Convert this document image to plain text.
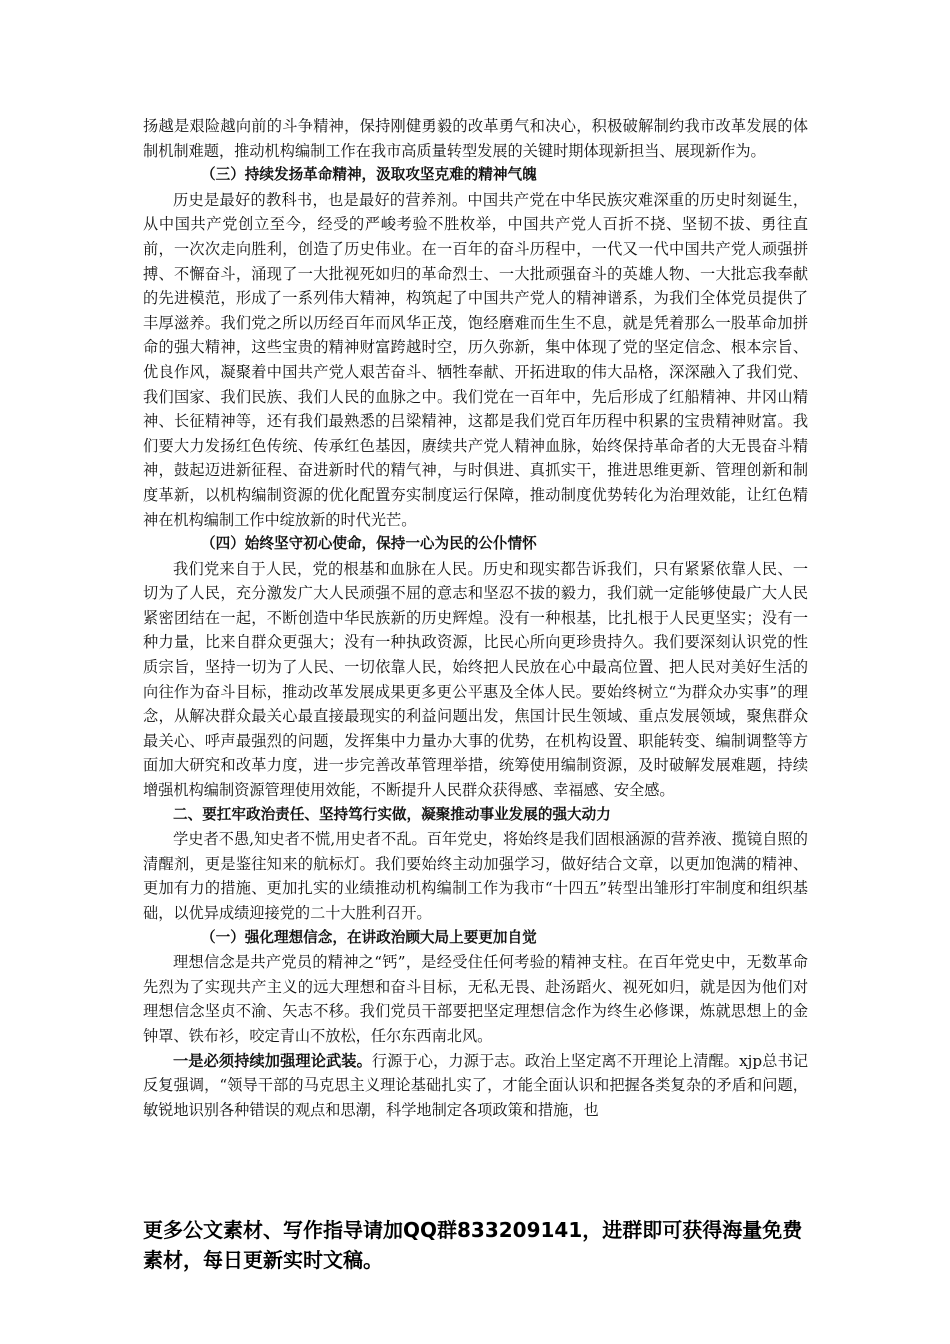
扬越是艰险越向前的斗争精神，保持刚健勇毅的改革勇气和决心，积极破解制约我市改革发展的体制机制难题，推动机构编制工作在我市高质量转型发展的关键时期体现新担当、展现新作为。

（三）持续发扬革命精神，汲取攻坚克难的精神气魄

历史是最好的教科书，也是最好的营养剂。中国共产党在中华民族灾难深重的历史时刻诞生，从中国共产党创立至今，经受的严峻考验不胜枚举，中国共产党人百折不挠、坚韧不拔、勇往直前，一次次走向胜利，创造了历史伟业。在一百年的奋斗历程中，一代又一代中国共产党人顽强拼搏、不懈奋斗，涌现了一大批视死如归的革命烈士、一大批顽强奋斗的英雄人物、一大批忘我奉献的先进模范，形成了一系列伟大精神，构筑起了中国共产党人的精神谱系，为我们全体党员提供了丰厚滋养。我们党之所以历经百年而风华正茂，饱经磨难而生生不息，就是凭着那么一股革命加拼命的强大精神，这些宝贵的精神财富跨越时空，历久弥新，集中体现了党的坚定信念、根本宗旨、优良作风，凝聚着中国共产党人艰苦奋斗、牺牲奉献、开拓进取的伟大品格，深深融入了我们党、我们国家、我们民族、我们人民的血脉之中。我们党在一百年中，先后形成了红船精神、井冈山精神、长征精神等，还有我们最熟悉的吕梁精神，这都是我们党百年历程中积累的宝贵精神财富。我们要大力发扬红色传统、传承红色基因，赓续共产党人精神血脉，始终保持革命者的大无畏奋斗精神，鼓起迈进新征程、奋进新时代的精气神，与时俱进、真抓实干，推进思维更新、管理创新和制度革新，以机构编制资源的优化配置夯实制度运行保障，推动制度优势转化为治理效能，让红色精神在机构编制工作中绽放新的时代光芒。

（四）始终坚守初心使命，保持一心为民的公仆情怀

我们党来自于人民，党的根基和血脉在人民。历史和现实都告诉我们，只有紧紧依靠人民、一切为了人民，充分激发广大人民顽强不屈的意志和坚忍不拔的毅力，我们就一定能够使最广大人民紧密团结在一起，不断创造中华民族新的历史辉煌。没有一种根基，比扎根于人民更坚实；没有一种力量，比来自群众更强大；没有一种执政资源，比民心所向更珍贵持久。我们要深刻认识党的性质宗旨，坚持一切为了人民、一切依靠人民，始终把人民放在心中最高位置、把人民对美好生活的向往作为奋斗目标，推动改革发展成果更多更公平惠及全体人民。要始终树立“为群众办实事”的理念，从解决群众最关心最直接最现实的利益问题出发，焦国计民生领域、重点发展领域，聚焦群众最关心、呼声最强烈的问题，发挥集中力量办大事的优势，在机构设置、职能转变、编制调整等方面加大研究和改革力度，进一步完善改革管理举措，统筹使用编制资源，及时破解发展难题，持续增强机构编制资源管理使用效能，不断提升人民群众获得感、幸福感、安全感。

二、要扛牢政治责任、坚持笃行实做，凝聚推动事业发展的强大动力

学史者不愚,知史者不慌,用史者不乱。百年党史，将始终是我们固根涵源的营养液、揽镜自照的清醒剂，更是鉴往知来的航标灯。我们要始终主动加强学习，做好结合文章，以更加饱满的精神、更加有力的措施、更加扎实的业绩推动机构编制工作为我市“十四五”转型出雏形打牢制度和组织基础，以优异成绩迎接党的二十大胜利召开。

（一）强化理想信念，在讲政治顾大局上要更加自觉

理想信念是共产党员的精神之“钙”，是经受住任何考验的精神支柱。在百年党史中，无数革命先烈为了实现共产主义的远大理想和奋斗目标，无私无畏、赴汤蹈火、视死如归，就是因为他们对理想信念坚贞不渝、矢志不移。我们党员干部要把坚定理想信念作为终生必修课，炼就思想上的金钟罩、铁布衫，咬定青山不放松，任尔东西南北风。

一是必须持续加强理论武装。行源于心，力源于志。政治上坚定离不开理论上清醒。xjp总书记反复强调，“领导干部的马克思主义理论基础扎实了，才能全面认识和把握各类复杂的矛盾和问题，敏锐地识别各种错误的观点和思潮，科学地制定各项政策和措施，也

更多公文素材、写作指导请加QQ群833209141，进群即可获得海量免费素材，每日更新实时文稿。
